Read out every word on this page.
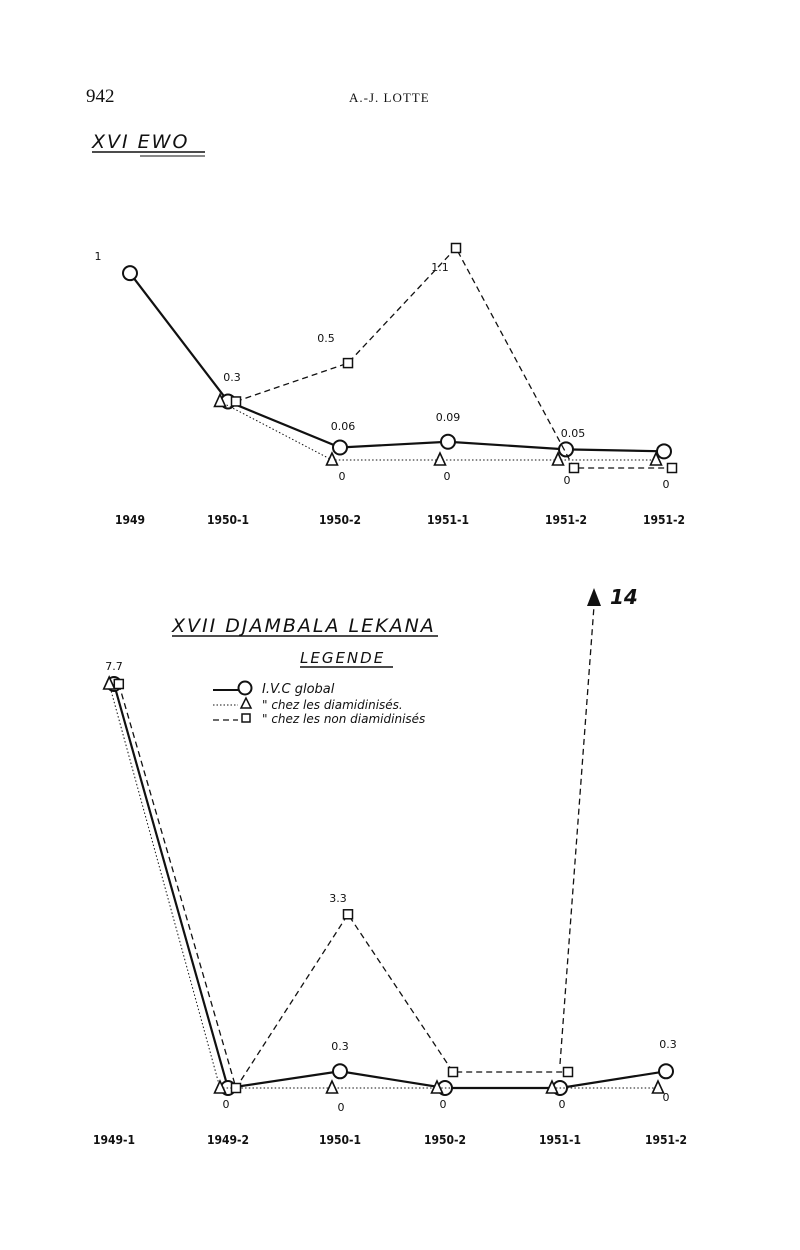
942	A.-J. LOTTE
XVI EWO
1949	1950-1	1950-2	1951-1	1951-2	1951-2
1
0.3
0.5
1.1
0.06
0.09
0.05
0	0	0	0
XVII DJAMBALA LEKANA
LEGENDE
I.V.C global
" chez les diamidinisés.
" chez les non diamidinisés
1949-1	1949-2	1950-1	1950-2	1951-1	1951-2
7.7
3.3
0.3	0.3
0	0	0	0
0
14
